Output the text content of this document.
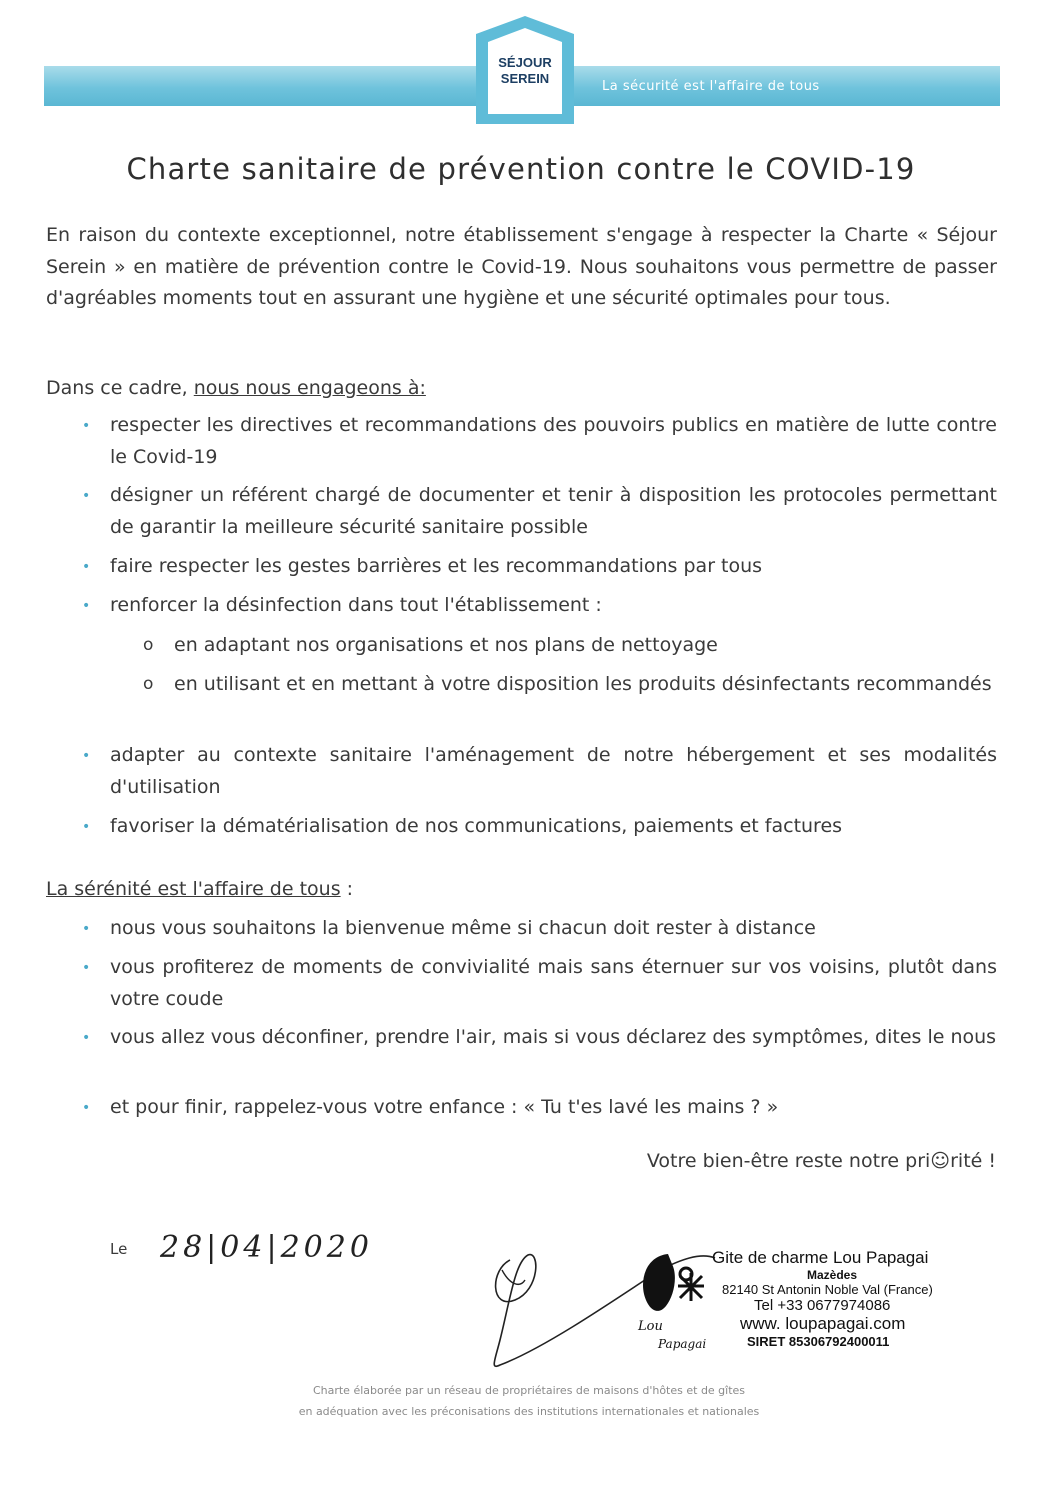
La sécurité est l'affaire de tous
SÉJOUR
SEREIN
Charte sanitaire de prévention contre le COVID-19

En raison du contexte exceptionnel, notre établissement s'engage à respecter la Charte « Séjour Serein » en matière de prévention contre le Covid-19. Nous souhaitons vous permettre de passer d'agréables moments tout en assurant une hygiène et une sécurité optimales pour tous.

Dans ce cadre, nous nous engageons à:
• respecter les directives et recommandations des pouvoirs publics en matière de lutte contre le Covid-19
• désigner un référent chargé de documenter et tenir à disposition les protocoles permettant de garantir la meilleure sécurité sanitaire possible
• faire respecter les gestes barrières et les recommandations par tous
• renforcer la désinfection dans tout l'établissement :
o en adaptant nos organisations et nos plans de nettoyage
o en utilisant et en mettant à votre disposition les produits désinfectants recommandés
• adapter au contexte sanitaire l'aménagement de notre hébergement et ses modalités d'utilisation
• favoriser la dématérialisation de nos communications, paiements et factures
La sérénité est l'affaire de tous :
• nous vous souhaitons la bienvenue même si chacun doit rester à distance
• vous profiterez de moments de convivialité mais sans éternuer sur vos voisins, plutôt dans votre coude
• vous allez vous déconfiner, prendre l'air, mais si vous déclarez des symptômes, dites le nous
• et pour finir, rappelez-vous votre enfance : « Tu t'es lavé les mains ? »
Votre bien-être reste notre pri☺rité !
Le 28|04|2020
Lou
Papagai
Gite de charme Lou Papagai
Mazèdes
82140 St Antonin Noble Val (France)
Tel +33 0677974086
www. loupapagai.com
SIRET 85306792400011
Charte élaborée par un réseau de propriétaires de maisons d'hôtes et de gîtes
en adéquation avec les préconisations des institutions internationales et nationales
